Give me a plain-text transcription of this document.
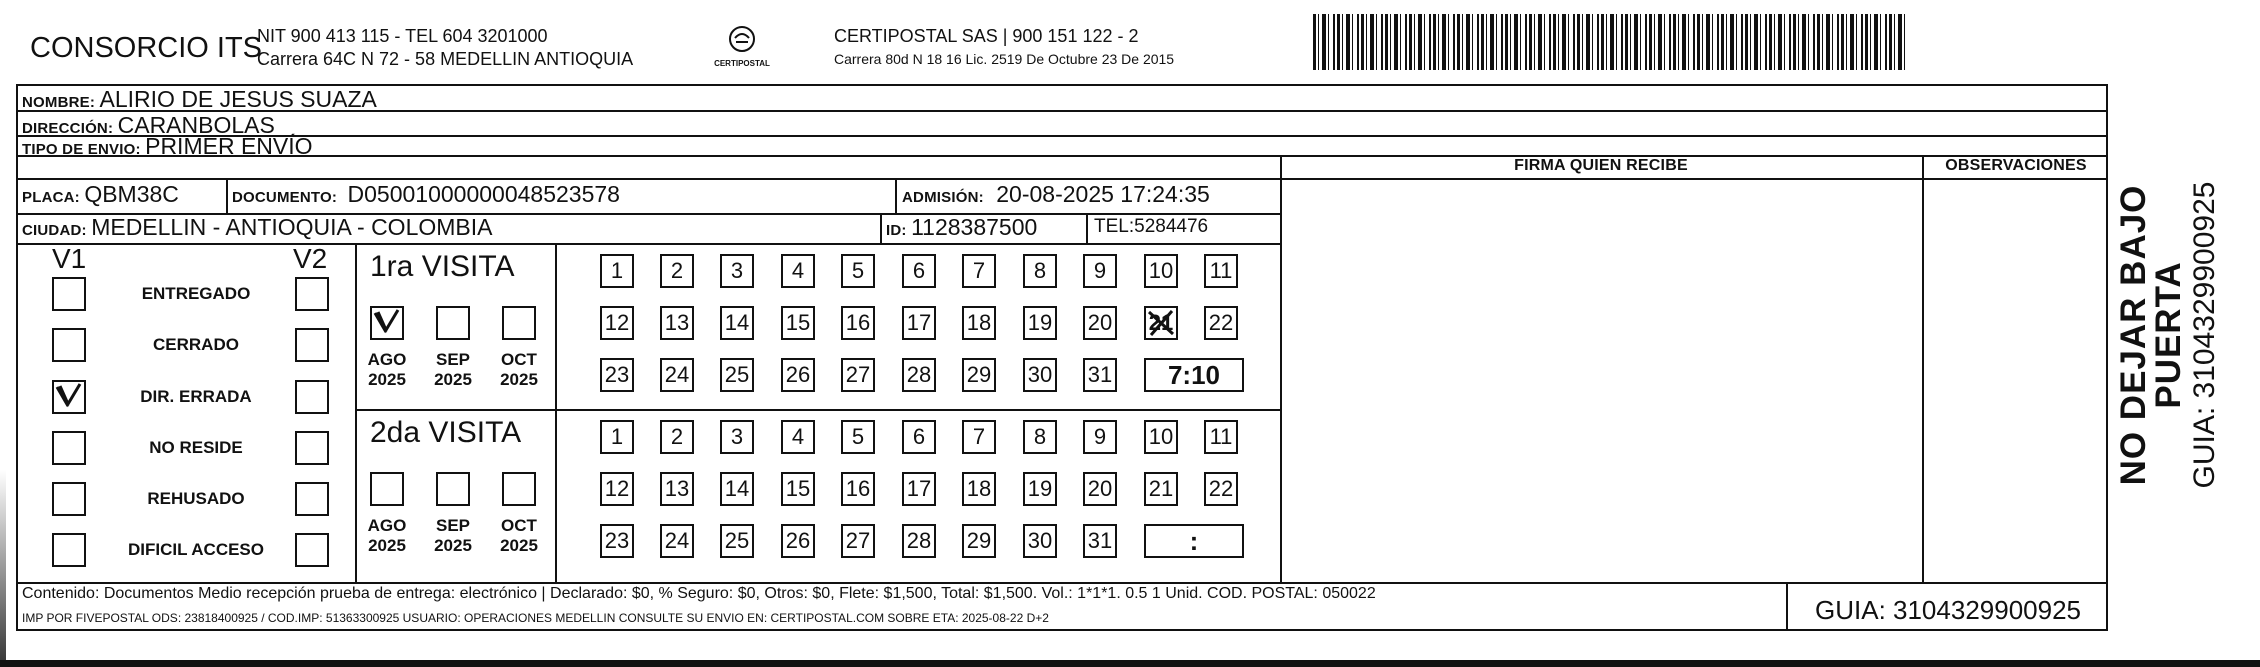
CONSORCIO ITS
NIT 900 413 115 - TEL 604 3201000
Carrera 64C N 72 - 58 MEDELLIN ANTIOQUIA	CERTIPOSTAL
CERTIPOSTAL SAS | 900 151 122 - 2
Carrera 80d N 18 16 Lic. 2519 De Octubre 23 De 2015
NOMBRE: ALIRIO DE JESUS SUAZA
DIRECCIÓN: CARANBOLAS
TIPO DE ENVIO: PRIMER ENVÍO
PLACA: QBM38C	DOCUMENTO: D05001000000048523578	ADMISIÓN: 20-08-2025 17:24:35
CIUDAD: MEDELLIN - ANTIOQUIA - COLOMBIA	ID: 1128387500	TEL:5284476
FIRMA QUIEN RECIBE	OBSERVACIONES
V1	V2
ENTREGADO
CERRADO
DIR. ERRADA
NO RESIDE
REHUSADO
DIFICIL ACCESO
1ra VISITA
AGO
2025
SEP
2025
OCT
2025
1	2	3	4	5	6	7	8	9	10 11
12 13 14 15 16 17 18 19 20 21 22
23 24 25 26 27 28 29 30 31	7:10
2da VISITA
AGO
2025
SEP
2025
OCT
2025
1	2	3	4	5	6	7	8	9	10 11
12 13 14 15 16 17 18 19 20 21 22
23 24 25 26 27 28 29 30 31	:
Contenido: Documentos Medio recepción prueba de entrega: electrónico | Declarado: $0, % Seguro: $0, Otros: $0, Flete: $1,500, Total: $1,500. Vol.: 1*1*1. 0.5 1 Unid. COD. POSTAL: 050022
IMP POR FIVEPOSTAL ODS: 23818400925 / COD.IMP: 51363300925 USUARIO: OPERACIONES MEDELLIN CONSULTE SU ENVIO EN: CERTIPOSTAL.COM SOBRE ETA: 2025-08-22 D+2	GUIA: 3104329900925
NO DEJAR BAJO PUERTA GUIA: 3104329900925
